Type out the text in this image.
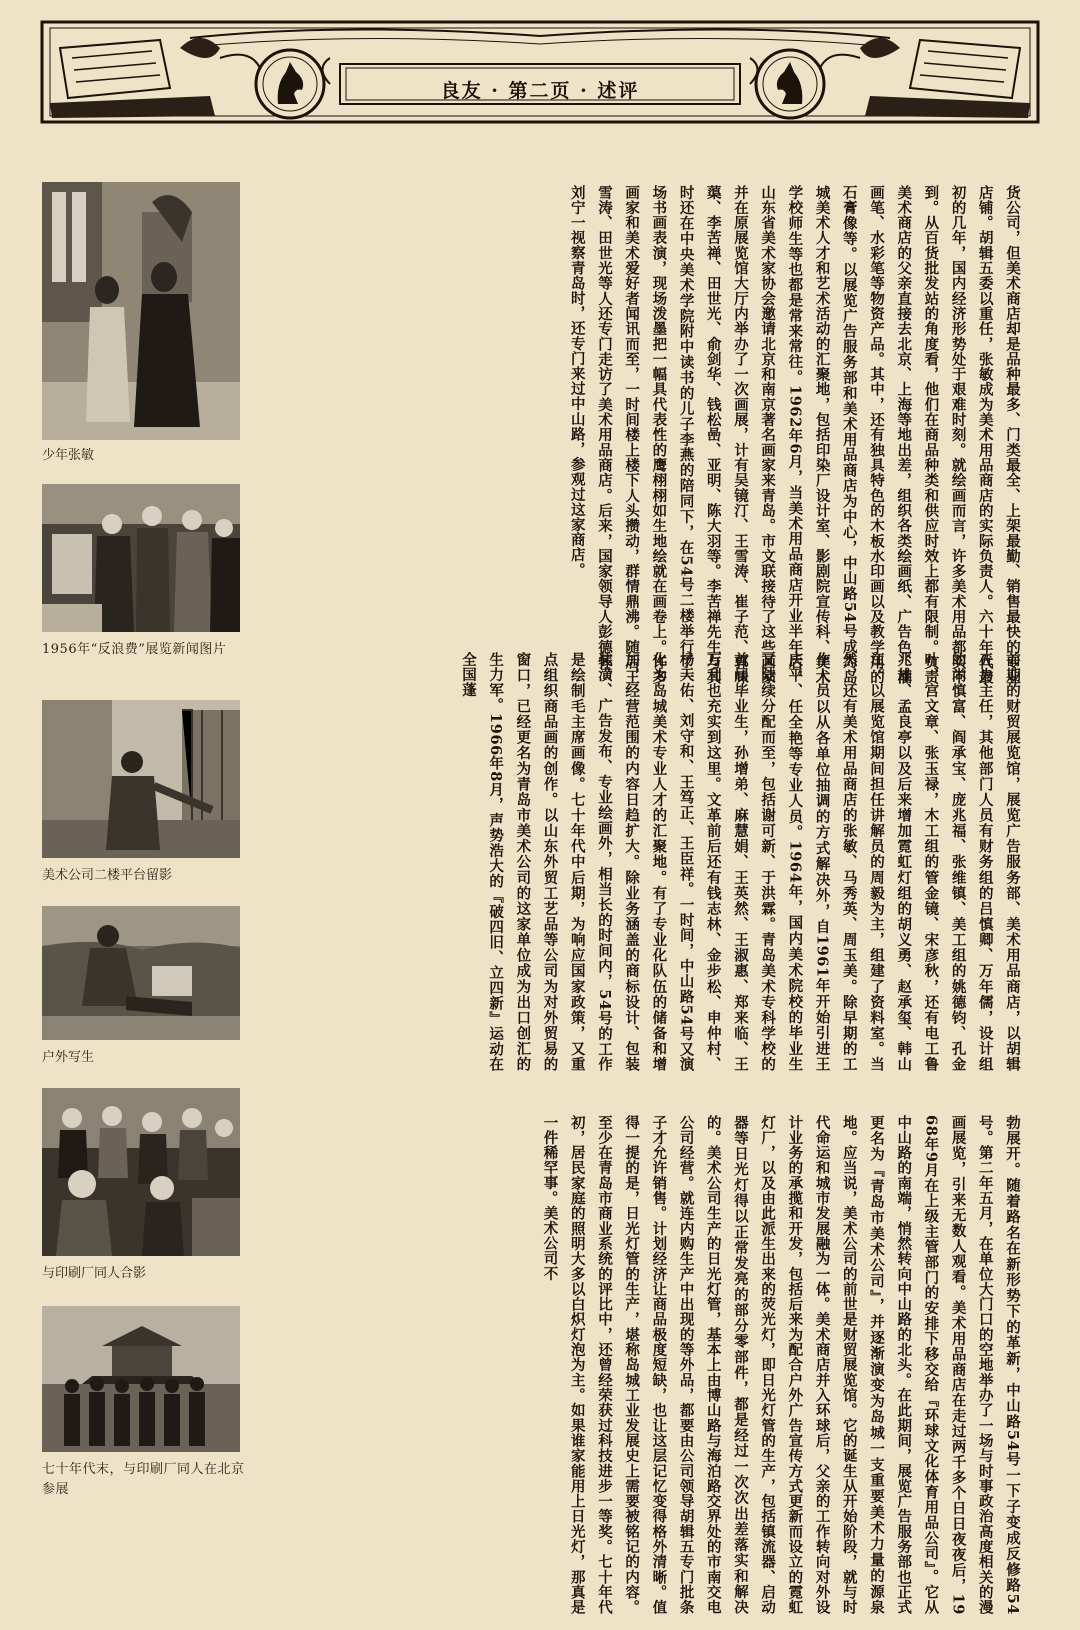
良友 · 第二页 · 述评
少年张敏
1956年“反浪费”展览新闻图片
美术公司二楼平台留影
户外写生
与印刷厂同人合影
七十年代末，与印刷厂同人在北京参展
货公司，但美术商店却是品种最多、门类最全、上架最勤、销售最快的专业店铺。胡辑五委以重任，张敏成为美术用品商店的实际负责人。六十年代最初的几年，国内经济形势处于艰难时刻。就绘画而言，许多美术用品都买不到。从百货批发站的角度看，他们在商品种类和供应时效上都有限制。负责美术商店的父亲直接去北京、上海等地出差，组织各类绘画纸、广告色、油画笔、水彩笔等物资产品。其中，还有独具特色的木板水印画以及教学用的石膏像等。以展览广告服务部和美术用品商店为中心，中山路54号成为岛城美术人才和艺术活动的汇聚地，包括印染厂设计室、影剧院宣传科、美术学校师生等也都是常来常往。1962年6月，当美术用品商店开业半年后，山东省美术家协会邀请北京和南京著名画家来青岛。市文联接待了这些画家并在原展览馆大厅内举办了一次画展，计有吴镜汀、王雪涛、崔子范、郭味蕖、李苦禅、田世光、俞剑华、钱松喦、亚明、陈大羽等。李苦禅先生与其时还在中央美术学院附中读书的儿子李燕的陪同下，在54号二楼举行了一场书画表演，现场泼墨把一幅具代表性的鹰栩栩如生地绘就在画卷上。许多画家和美术爱好者闻讯而至，一时间楼上楼下人头攒动，群情鼎沸。随后王雪涛、田世光等人还专门走访了美术用品商店。后来，国家领导人彭德怀、刘宁一视察青岛时，还专门来过中山路，参观过这家商店。
前期的财贸展览馆，展览广告服务部、美术用品商店，以胡辑五为主任，其他部门人员有财务组的吕慎卿、万年儒，设计组的尚慎富、阎承宝、庞兆福、张维镇、美工组的姚德钧、孔金叶、宫文章、张玉禄，木工组的管金镜、宋彦秋，还有电工鲁兆雄、孟良亭以及后来增加霓虹灯组的胡义勇、赵承玺、韩山江。以展览馆期间担任讲解员的周毅为主，组建了资料室。当然，还有美术用品商店的张敏、马秀英、周玉美。除早期的工作人员以从各单位抽调的方式解决外，自1961年开始引进王庆平、任全艳等专业人员。1964年，国内美术院校的毕业生又陆续分配而至，包括谢可新、于洪霖。青岛美术专科学校的首届毕业生，孙增弟、麻慧娟、王英然、王淑惠、郑来临、王万利也充实到这里。文革前后还有钱志林、金步松、申仲村、杨天佑、刘守和、王笃正、王臣祥。一时间，中山路54号又演化为岛城美术专业人才的汇聚地。有了专业化队伍的储备和增加，经营范围的内容日趋扩大。除业务涵盖的商标设计、包装装潢、广告发布、专业绘画外，相当长的时间内，54号的工作是绘制毛主席画像。七十年代中后期，为响应国家政策，又重点组织商品画的创作。以山东外贸工艺品等公司为对外贸易的窗口，已经更名为青岛市美术公司的这家单位成为出口创汇的生力军。1966年8月，声势浩大的『破四旧、立四新』运动在全国蓬
勃展开。随着路名在新形势下的革新，中山路54号一下子变成反修路54号。第二年五月，在单位大门口的空地举办了一场与时事政治高度相关的漫画展览，引来无数人观看。美术用品商店在走过两千多个日日夜夜后，1968年9月在上级主管部门的安排下移交给『环球文化体育用品公司』。它从中山路的南端，悄然转向中山路的北头。在此期间，展览广告服务部也正式更名为『青岛市美术公司』，并逐渐演变为岛城一支重要美术力量的源泉地。应当说，美术公司的前世是财贸展览馆。它的诞生从开始阶段，就与时代命运和城市发展融为一体。美术商店并入环球后，父亲的工作转向对外设计业务的承揽和开发，包括后来为配合户外广告宣传方式更新而设立的霓虹灯厂，以及由此派生出来的荧光灯，即日光灯管的生产，包括镇流器、启动器等日光灯得以正常发亮的部分零部件，都是经过一次次出差落实和解决的。美术公司生产的日光灯管，基本上由博山路与海泊路交界处的市南交电公司经营。就连内购生产中出现的等外品，都要由公司领导胡辑五专门批条子才允许销售。计划经济让商品极度短缺，也让这层记忆变得格外清晰。值得一提的是，日光灯管的生产，堪称岛城工业发展史上需要被铭记的内容。至少在青岛市商业系统的评比中，还曾经荣获过科技进步一等奖。七十年代初，居民家庭的照明大多以白炽灯泡为主。如果谁家能用上日光灯，那真是一件稀罕事。美术公司不
